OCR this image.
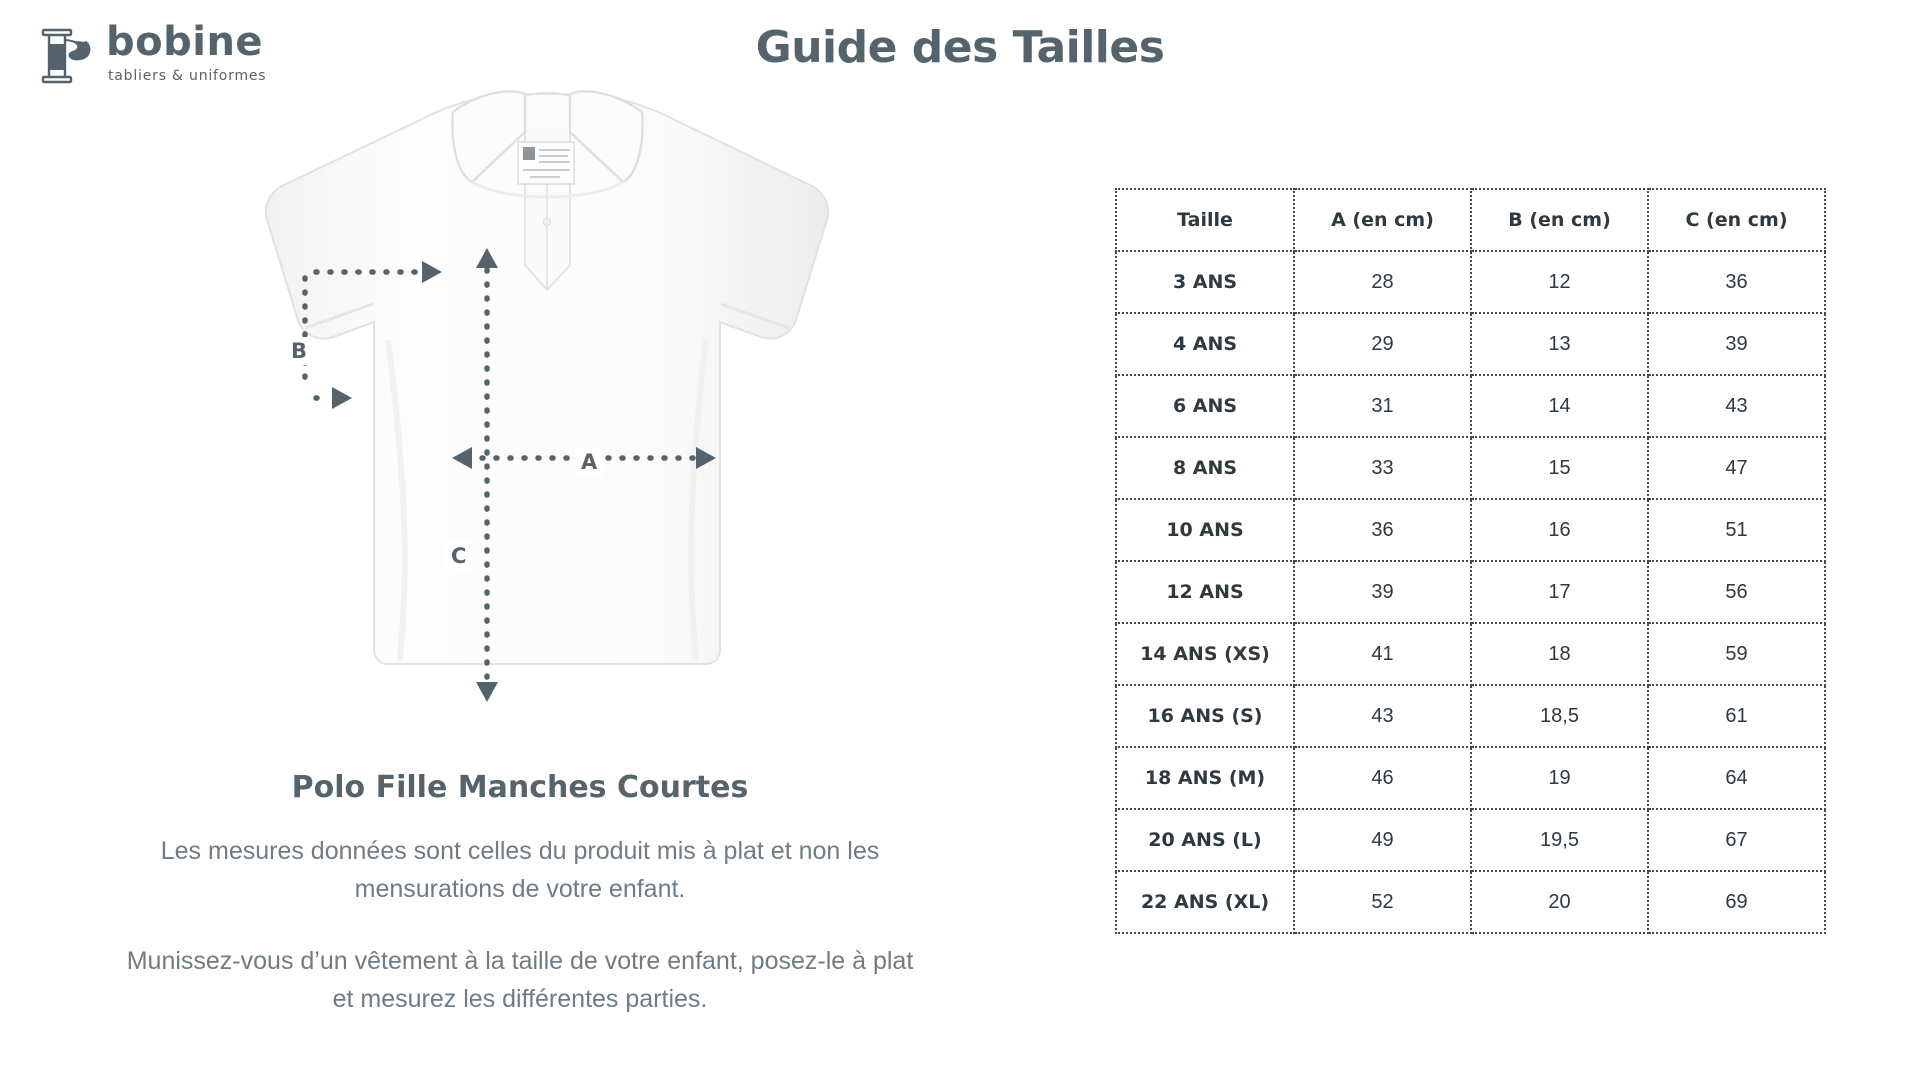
bobine
tabliers & uniformes
Guide des Tailles
A
B
C
Polo Fille Manches Courtes
Les mesures données sont celles du produit mis à plat et non les mensurations de votre enfant.
Munissez-vous d’un vêtement à la taille de votre enfant, posez-le à plat et mesurez les différentes parties.
Taille	A (en cm)	B (en cm)	C (en cm)
3 ANS	28	12	36
4 ANS	29	13	39
6 ANS	31	14	43
8 ANS	33	15	47
10 ANS	36	16	51
12 ANS	39	17	56
14 ANS (XS)	41	18	59
16 ANS (S)	43	18,5	61
18 ANS (M)	46	19	64
20 ANS (L)	49	19,5	67
22 ANS (XL)	52	20	69
